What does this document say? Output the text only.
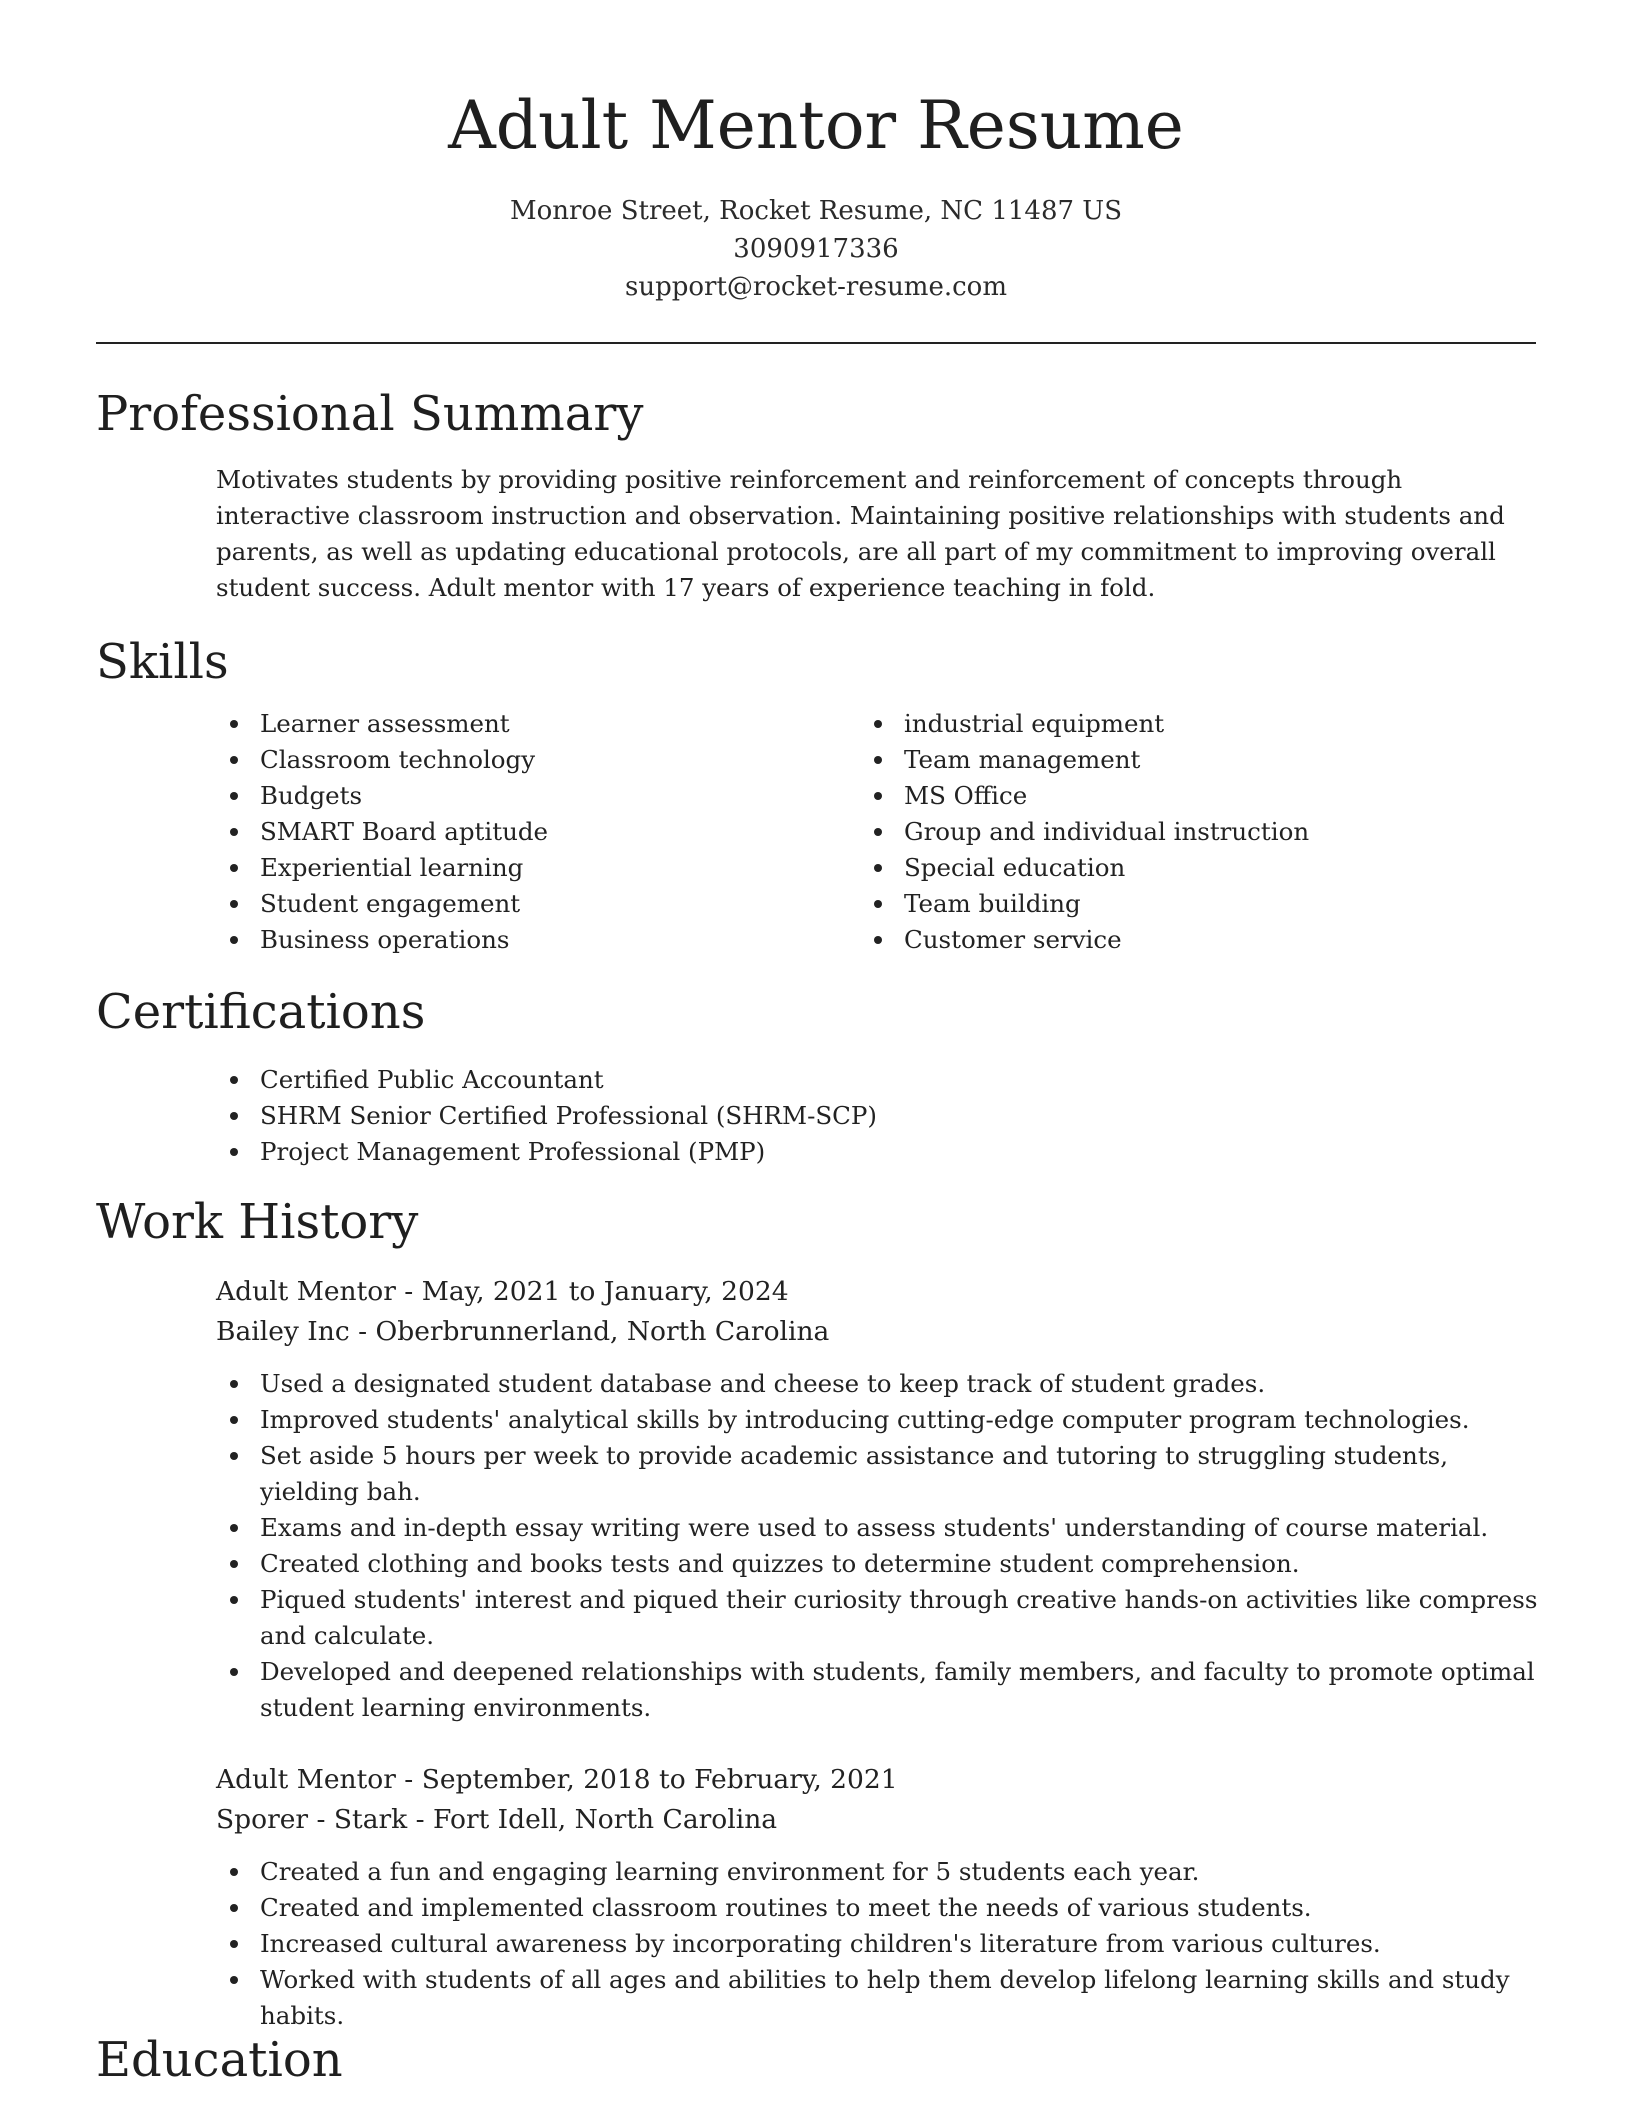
Adult Mentor Resume
Monroe Street, Rocket Resume, NC 11487 US
3090917336
support@rocket-resume.com
Professional Summary
Motivates students by providing positive reinforcement and reinforcement of concepts through interactive classroom instruction and observation. Maintaining positive relationships with students and parents, as well as updating educational protocols, are all part of my commitment to improving overall student success. Adult mentor with 17 years of experience teaching in fold.
Skills
Learner assessment
Classroom technology
Budgets
SMART Board aptitude
Experiential learning
Student engagement
Business operations
industrial equipment
Team management
MS Office
Group and individual instruction
Special education
Team building
Customer service
Certifications
Certified Public Accountant
SHRM Senior Certified Professional (SHRM-SCP)
Project Management Professional (PMP)
Work History
Adult Mentor - May, 2021 to January, 2024
Bailey Inc - Oberbrunnerland, North Carolina
Used a designated student database and cheese to keep track of student grades.
Improved students' analytical skills by introducing cutting-edge computer program technologies.
Set aside 5 hours per week to provide academic assistance and tutoring to struggling students, yielding bah.
Exams and in-depth essay writing were used to assess students' understanding of course material.
Created clothing and books tests and quizzes to determine student comprehension.
Piqued students' interest and piqued their curiosity through creative hands-on activities like compress and calculate.
Developed and deepened relationships with students, family members, and faculty to promote optimal student learning environments.
Adult Mentor - September, 2018 to February, 2021
Sporer - Stark - Fort Idell, North Carolina
Created a fun and engaging learning environment for 5 students each year.
Created and implemented classroom routines to meet the needs of various students.
Increased cultural awareness by incorporating children's literature from various cultures.
Worked with students of all ages and abilities to help them develop lifelong learning skills and study habits.
Education
